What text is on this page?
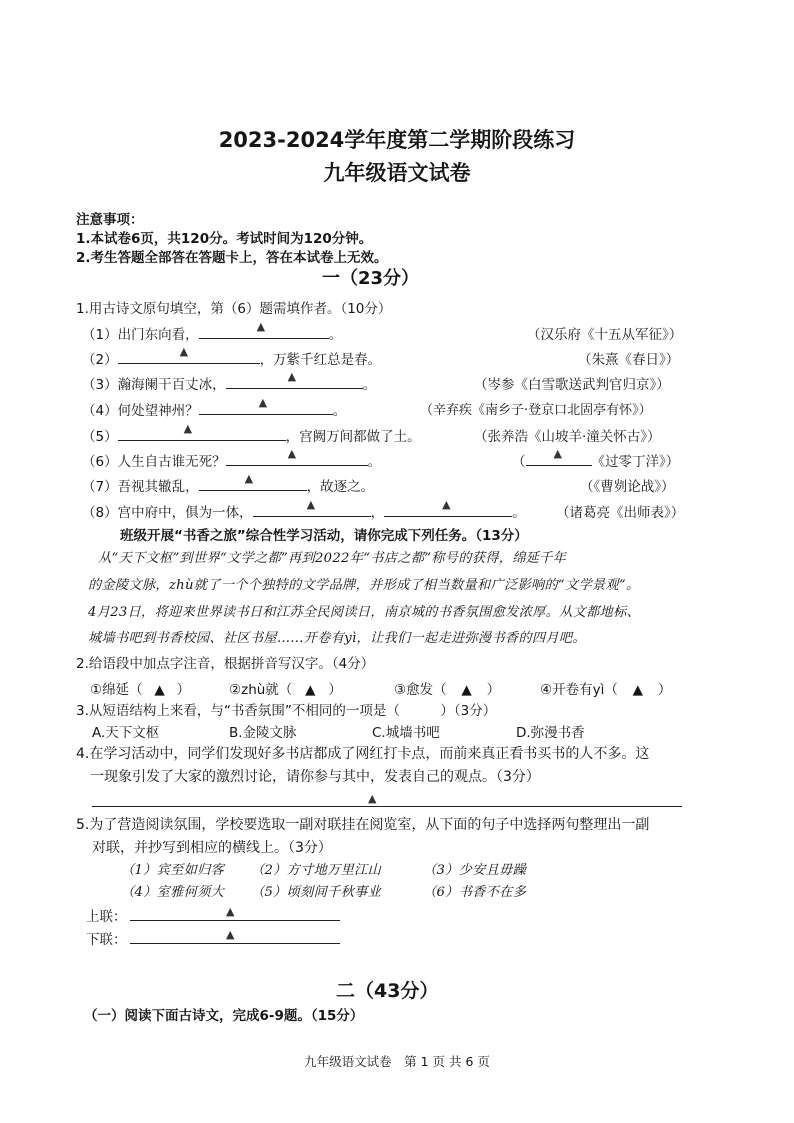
2023-2024学年度第二学期阶段练习
九年级语文试卷
注意事项：
1.本试卷6页，共120分。考试时间为120分钟。
2.考生答题全部答在答题卡上，答在本试卷上无效。
一（23分）
1.用古诗文原句填空，第（6）题需填作者。（10分）
（1）出门东向看，
▲
。	（汉乐府《十五从军征》）
（2）
▲
，万紫千红总是春。	（朱熹《春日》）
（3）瀚海阑干百丈冰，
▲
。	（岑参《白雪歌送武判官归京》）
（4）何处望神州？
▲
。	（辛弃疾《南乡子·登京口北固亭有怀》）
（5）
▲
，宫阙万间都做了土。	（张养浩《山坡羊·潼关怀古》）
（6）人生自古谁无死？
▲
。	（
▲
《过零丁洋》）
（7）吾视其辙乱，
▲
，故逐之。	（《曹刿论战》）
（8）宫中府中，俱为一体，
▲
，
▲
。 （诸葛亮《出师表》）
班级开展“书香之旅”综合性学习活动，请你完成下列任务。（13分）
从“天下文枢”到世界“文学之都”再到2022年“书店之都”称号的获得，绵延千年
的金陵文脉，zhù就了一个个独特的文学品牌，并形成了相当数量和广泛影响的“文学景观”。
4月23日，将迎来世界读书日和江苏全民阅读日，南京城的书香氛围愈发浓厚。从文都地标、
城墙书吧到书香校园、社区书屋……开卷有yì，让我们一起走进弥漫书香的四月吧。
2.给语段中加点字注音，根据拼音写汉字。（4分）
①绵延（ ▲ ）	②zhù就（ ▲ ）	③愈发（ ▲ ）	④开卷有yì（ ▲ ）
3.从短语结构上来看，与“书香氛围”不相同的一项是（　　　）（3分）
A.天下文枢	B.金陵文脉	C.城墙书吧	D.弥漫书香
4.在学习活动中，同学们发现好多书店都成了网红打卡点，而前来真正看书买书的人不多。这
一现象引发了大家的激烈讨论，请你参与其中，发表自己的观点。（3分）
▲
5.为了营造阅读氛围，学校要选取一副对联挂在阅览室，从下面的句子中选择两句整理出一副
对联，并抄写到相应的横线上。（3分）
（1）宾至如归客 （2）方寸地万里江山	（3）少安且毋躁
（4）室雅何须大 （5）顷刻间千秋事业	（6）书香不在多
上联：	▲
下联：	▲
二（43分）
（一）阅读下面古诗文，完成6-9题。（15分）
九年级语文试卷　第 1 页 共 6 页
